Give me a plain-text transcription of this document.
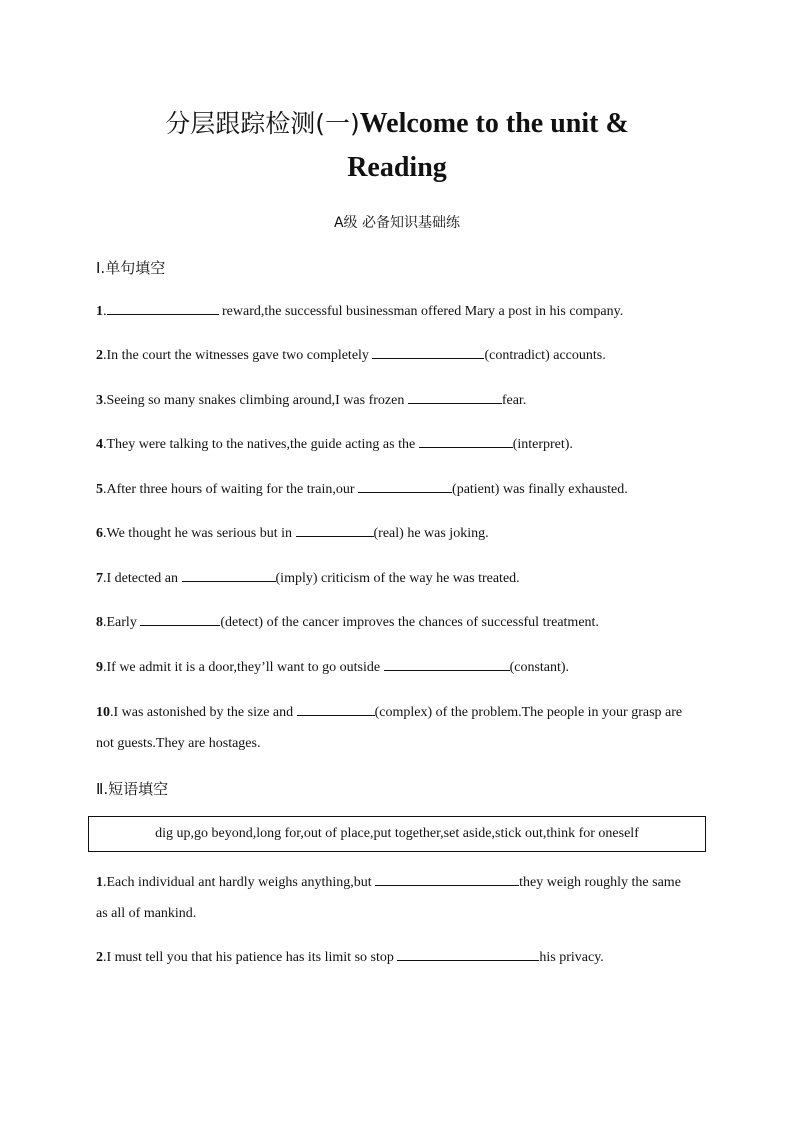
分层跟踪检测(一)Welcome to the unit &
Reading
A级 必备知识基础练
Ⅰ.单句填空
1.	reward,the successful businessman offered Mary a post in his company.
2.In the court the witnesses gave two completely	(contradict) accounts.
3.Seeing so many snakes climbing around,I was frozen	fear.
4.They were talking to the natives,the guide acting as the	(interpret).
5.After three hours of waiting for the train,our	(patient) was finally exhausted.
6.We thought he was serious but in	(real) he was joking.
7.I detected an	(imply) criticism of the way he was treated.
8.Early	(detect) of the cancer improves the chances of successful treatment.
9.If we admit it is a door,they’ll want to go outside	(constant).
10.I was astonished by the size and	(complex) of the problem.The people in your grasp are not guests.They are hostages.
Ⅱ.短语填空
dig up,go beyond,long for,out of place,put together,set aside,stick out,think for oneself
1.Each individual ant hardly weighs anything,but	they weigh roughly the same as all of mankind.
2.I must tell you that his patience has its limit so stop	his privacy.
